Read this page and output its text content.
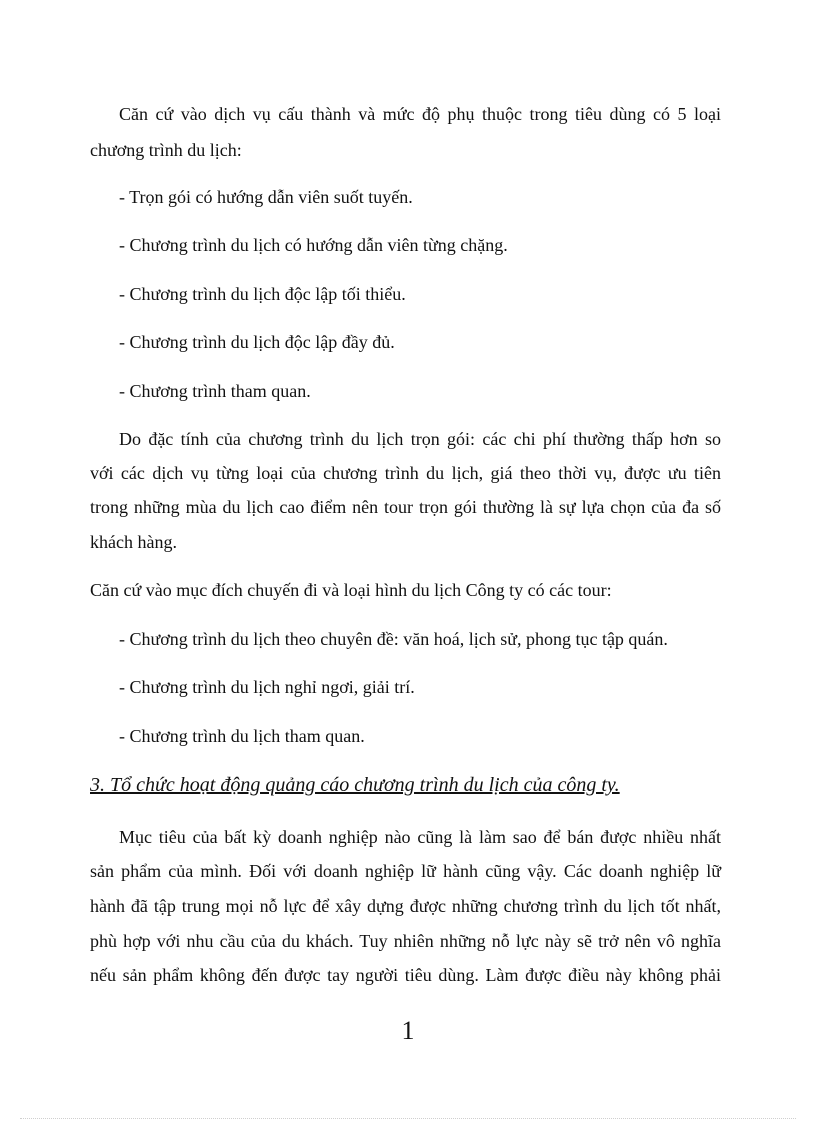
Căn cứ vào dịch vụ cấu thành và mức độ phụ thuộc trong tiêu dùng có 5 loại
chương trình du lịch:
- Trọn gói có hướng dẫn viên suốt tuyến.
- Chương trình du lịch có hướng dẫn viên từng chặng.
- Chương trình du lịch độc lập tối thiểu.
- Chương trình du lịch độc lập đầy đủ.
- Chương trình tham quan.
Do đặc tính của chương trình du lịch trọn gói: các chi phí thường thấp hơn so
với các dịch vụ từng loại của chương trình du lịch, giá theo thời vụ, được ưu tiên
trong những mùa du lịch cao điểm nên tour trọn gói thường là sự lựa chọn của đa số
khách hàng.
Căn cứ vào mục đích chuyến đi và loại hình du lịch Công ty có các tour:
- Chương trình du lịch theo chuyên đề: văn hoá, lịch sử, phong tục tập quán.
- Chương trình du lịch nghỉ ngơi, giải trí.
- Chương trình du lịch tham quan.
3. Tổ chức hoạt động quảng cáo chương trình du lịch của công ty.
Mục tiêu của bất kỳ doanh nghiệp nào cũng là làm sao để bán được nhiều nhất
sản phẩm của mình. Đối với doanh nghiệp lữ hành cũng vậy. Các doanh nghiệp lữ
hành đã tập trung mọi nỗ lực để xây dựng được những chương trình du lịch tốt nhất,
phù hợp với nhu cầu của du khách. Tuy nhiên những nỗ lực này sẽ trở nên vô nghĩa
nếu sản phẩm không đến được tay người tiêu dùng. Làm được điều này không phải
1
